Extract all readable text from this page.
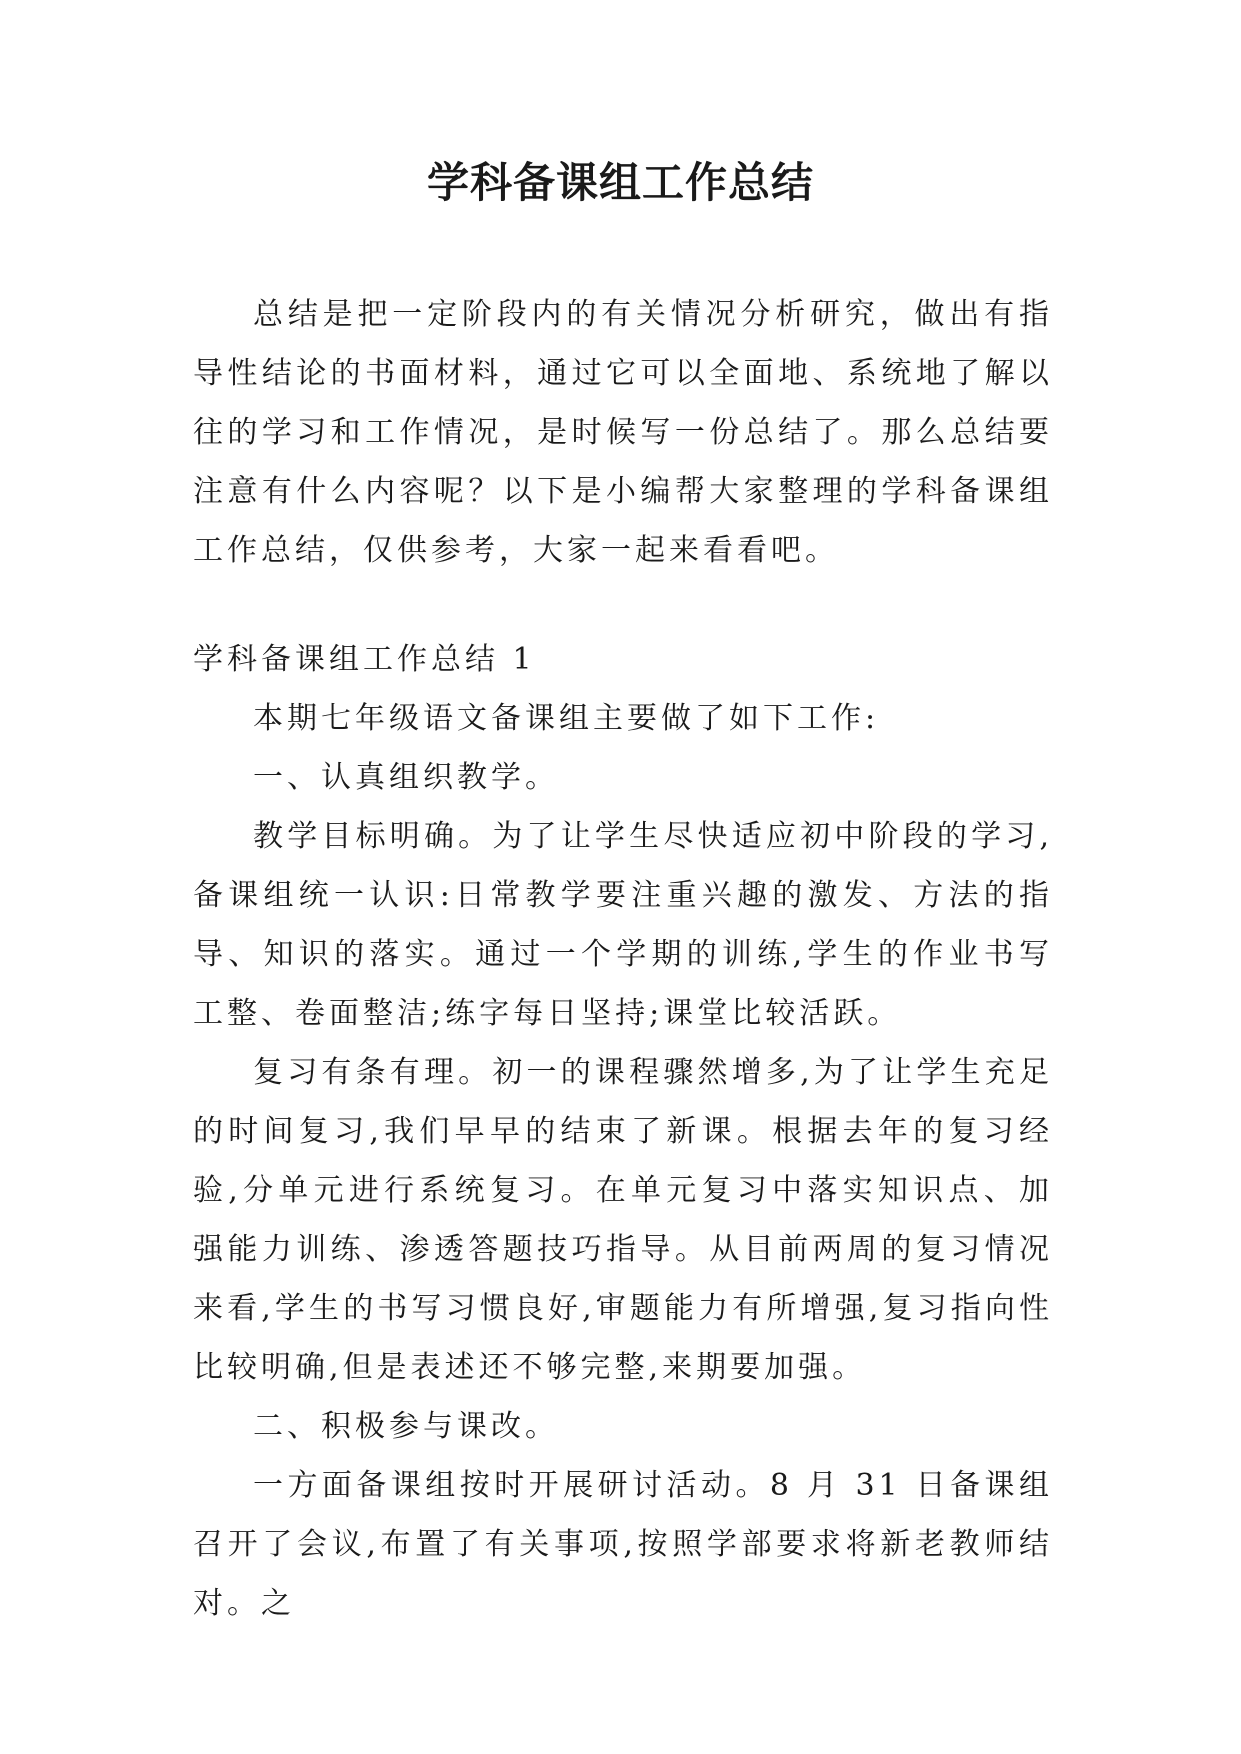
学科备课组工作总结

总结是把一定阶段内的有关情况分析研究，做出有指导性结论的书面材料，通过它可以全面地、系统地了解以往的学习和工作情况，是时候写一份总结了。那么总结要注意有什么内容呢？以下是小编帮大家整理的学科备课组工作总结，仅供参考，大家一起来看看吧。

学科备课组工作总结 1

本期七年级语文备课组主要做了如下工作:

一、认真组织教学。

教学目标明确。为了让学生尽快适应初中阶段的学习,备课组统一认识:日常教学要注重兴趣的激发、方法的指导、知识的落实。通过一个学期的训练,学生的作业书写工整、卷面整洁;练字每日坚持;课堂比较活跃。

复习有条有理。初一的课程骤然增多,为了让学生充足的时间复习,我们早早的结束了新课。根据去年的复习经验,分单元进行系统复习。在单元复习中落实知识点、加强能力训练、渗透答题技巧指导。从目前两周的复习情况来看,学生的书写习惯良好,审题能力有所增强,复习指向性比较明确,但是表述还不够完整,来期要加强。

二、积极参与课改。

一方面备课组按时开展研讨活动。8 月 31 日备课组召开了会议,布置了有关事项,按照学部要求将新老教师结对。之
